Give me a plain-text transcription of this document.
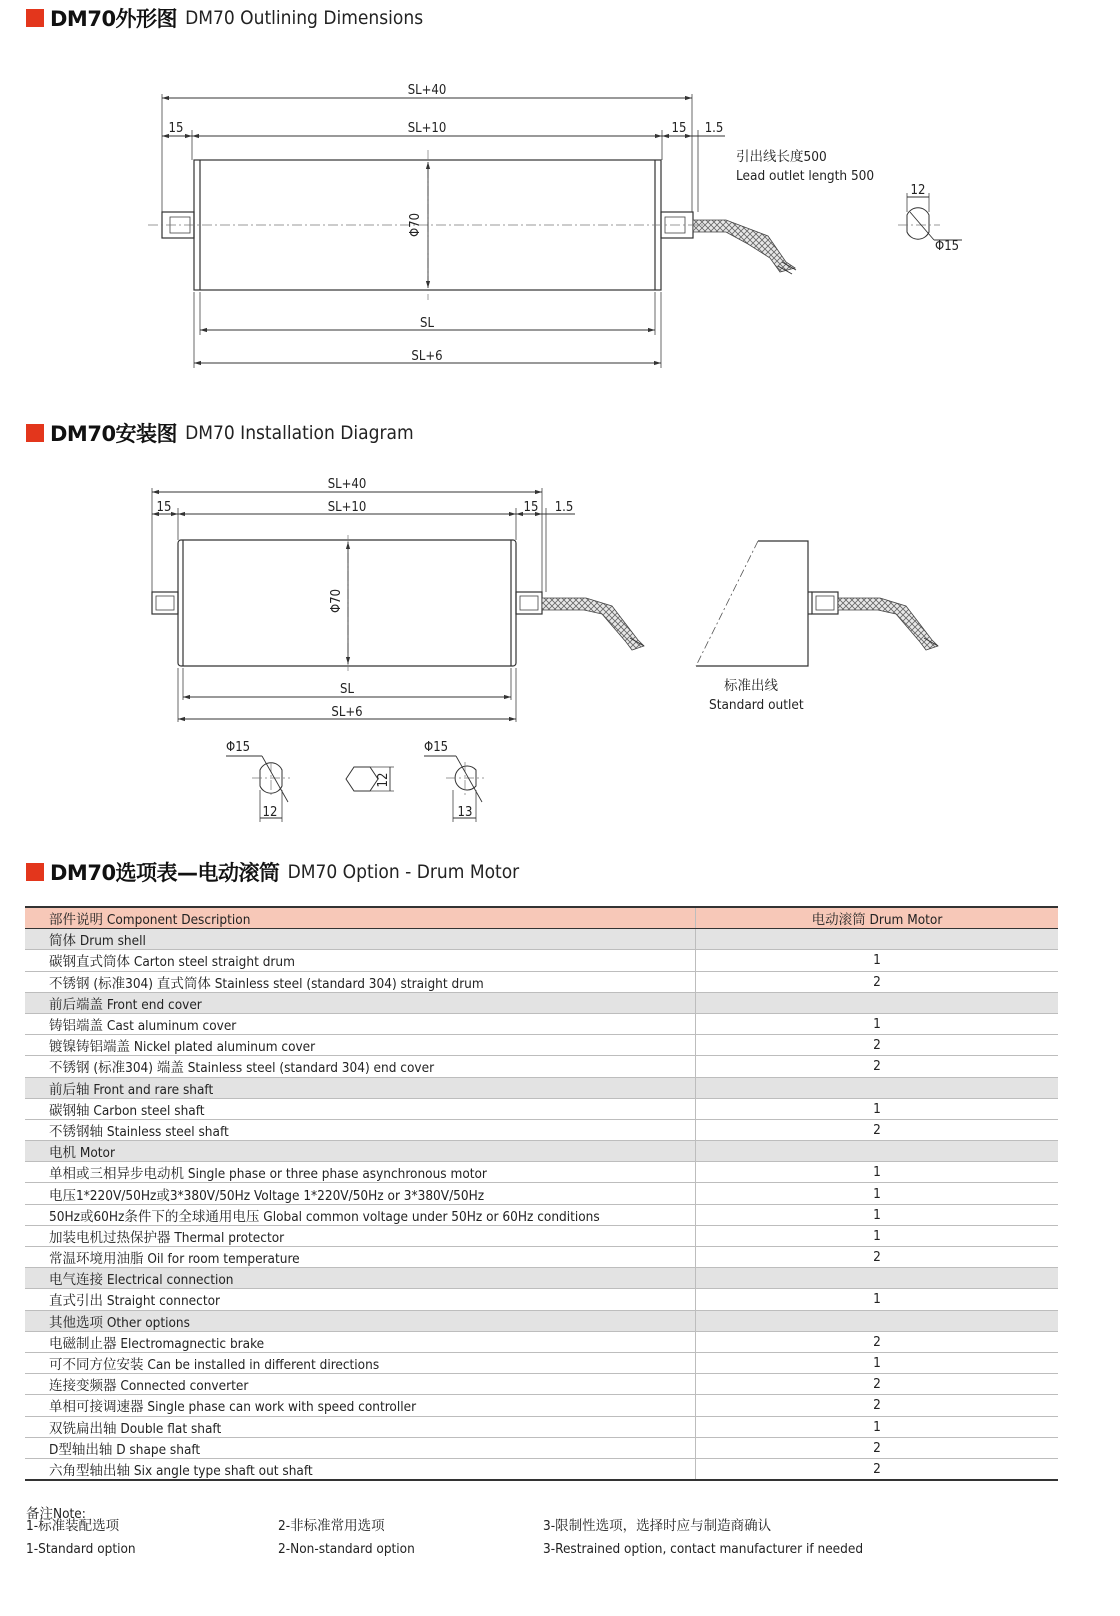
DM70外形图 DM70 Outlining Dimensions
SL+40
15	SL+10	15 1.5
Φ70
SL
SL+6
引出线长度500
Lead outlet length 500
12
Φ15
DM70安装图 DM70 Installation Diagram
SL+40
15	SL+10	15 1.5
Φ70
SL
SL+6
标准出线
Standard outlet
Φ15
12
12
Φ15
13
DM70选项表—电动滚筒 DM70 Option - Drum Motor
部件说明 Component Description	电动滚筒 Drum Motor
简体 Drum shell	
碳钢直式筒体 Carton steel straight drum	1
不锈钢 (标准304) 直式筒体 Stainless steel (standard 304) straight drum	2
前后端盖 Front end cover	
铸铝端盖 Cast aluminum cover	1
镀镍铸铝端盖 Nickel plated aluminum cover	2
不锈钢 (标准304) 端盖 Stainless steel (standard 304) end cover	2
前后轴 Front and rare shaft	
碳钢轴 Carbon steel shaft	1
不锈钢轴 Stainless steel shaft	2
电机 Motor	
单相或三相异步电动机 Single phase or three phase asynchronous motor	1
电压1*220V/50Hz或3*380V/50Hz Voltage 1*220V/50Hz or 3*380V/50Hz	1
50Hz或60Hz条件下的全球通用电压 Global common voltage under 50Hz or 60Hz conditions	1
加装电机过热保护器 Thermal protector	1
常温环境用油脂 Oil for room temperature	2
电气连接 Electrical connection	
直式引出 Straight connector	1
其他选项 Other options	
电磁制止器 Electromagnectic brake	2
可不同方位安装 Can be installed in different directions	1
连接变频器 Connected converter	2
单相可接调速器 Single phase can work with speed controller	2
双铣扁出轴 Double flat shaft	1
D型轴出轴 D shape shaft	2
六角型轴出轴 Six angle type shaft out shaft	2
备注Note:
1-标准装配选项
1-Standard option
2-非标准常用选项
2-Non-standard option
3-限制性选项，选择时应与制造商确认
3-Restrained option, contact manufacturer if needed
